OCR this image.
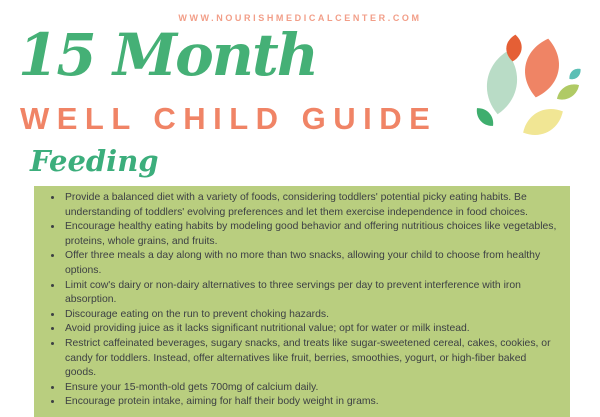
WWW.NOURISHMEDICALCENTER.COM
15 Month
WELL CHILD GUIDE
Feeding
• Provide a balanced diet with a variety of foods, considering toddlers' potential picky eating habits. Be understanding of toddlers' evolving preferences and let them exercise independence in food choices.
• Encourage healthy eating habits by modeling good behavior and offering nutritious choices like vegetables, proteins, whole grains, and fruits.
• Offer three meals a day along with no more than two snacks, allowing your child to choose from healthy options.
• Limit cow's dairy or non-dairy alternatives to three servings per day to prevent interference with iron absorption.
• Discourage eating on the run to prevent choking hazards.
• Avoid providing juice as it lacks significant nutritional value; opt for water or milk instead.
• Restrict caffeinated beverages, sugary snacks, and treats like sugar-sweetened cereal, cakes, cookies, or candy for toddlers. Instead, offer alternatives like fruit, berries, smoothies, yogurt, or high-fiber baked goods.
• Ensure your 15-month-old gets 700mg of calcium daily.
• Encourage protein intake, aiming for half their body weight in grams.
